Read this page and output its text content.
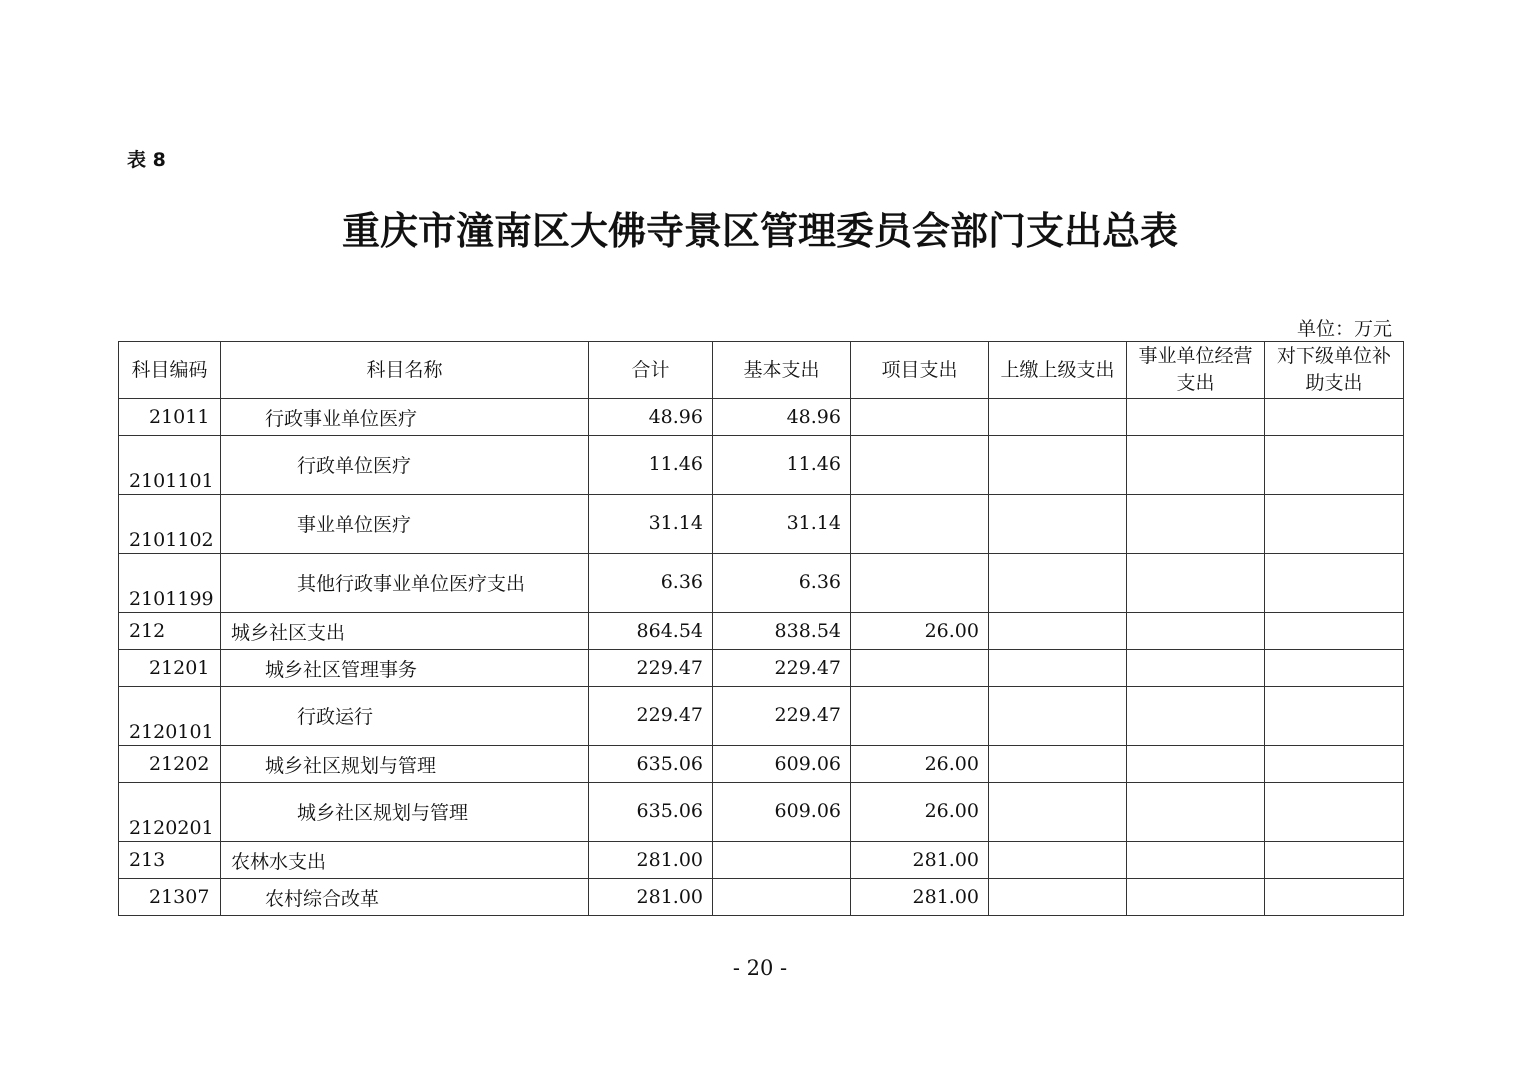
表 8
重庆市潼南区大佛寺景区管理委员会部门支出总表
单位：万元
科目编码	科目名称	合计	基本支出	项目支出	上缴上级支出	事业单位经营支出	对下级单位补助支出
21011	行政事业单位医疗	48.96	48.96				
2101101	行政单位医疗	11.46	11.46				
2101102	事业单位医疗	31.14	31.14				
2101199	其他行政事业单位医疗支出	6.36	6.36				
212	城乡社区支出	864.54	838.54	26.00			
21201	城乡社区管理事务	229.47	229.47				
2120101	行政运行	229.47	229.47				
21202	城乡社区规划与管理	635.06	609.06	26.00			
2120201	城乡社区规划与管理	635.06	609.06	26.00			
213	农林水支出	281.00		281.00			
21307	农村综合改革	281.00		281.00			
- 20 -
